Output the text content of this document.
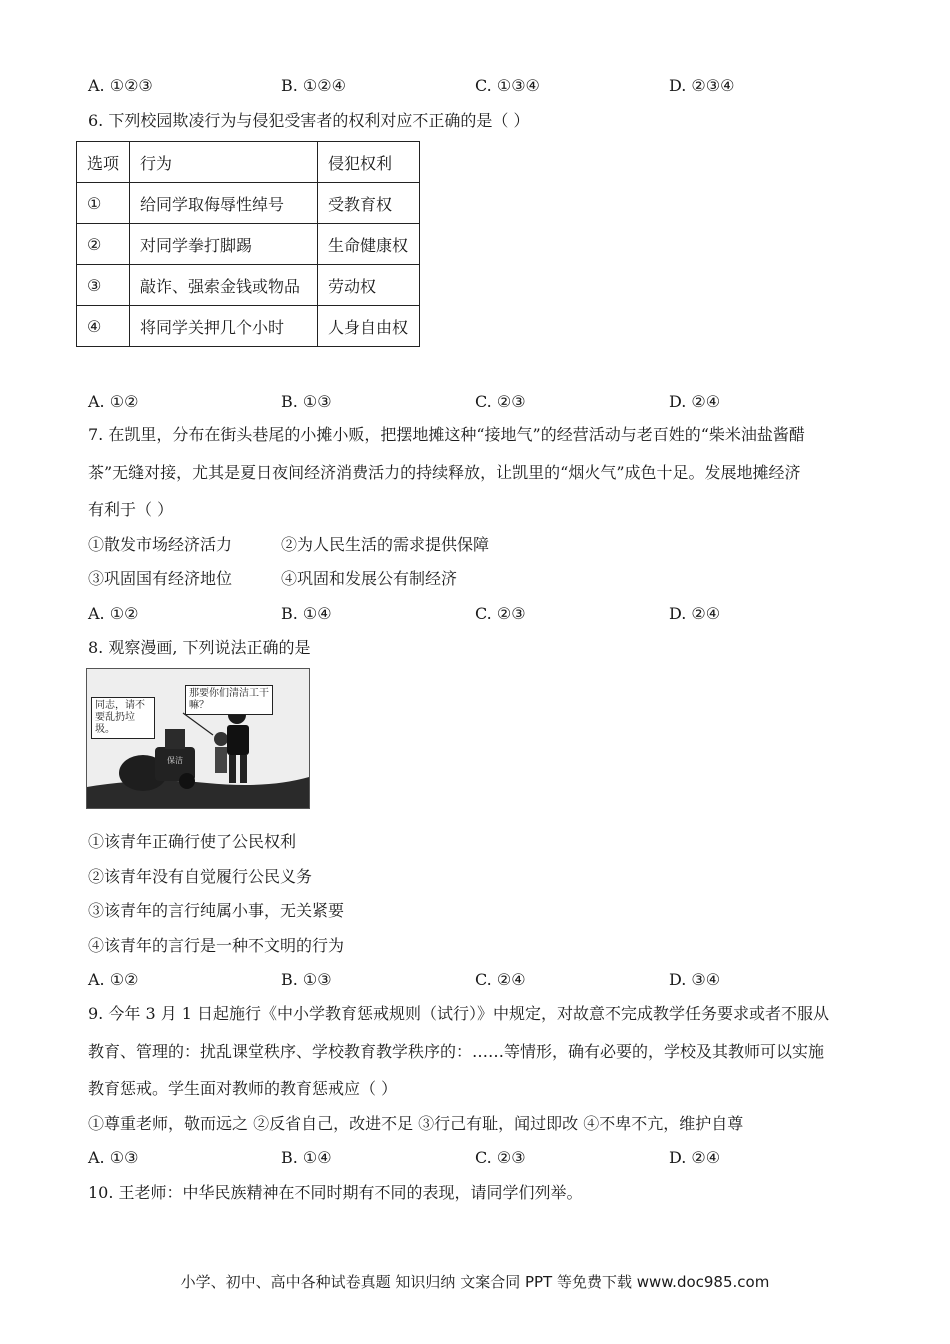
A. ①②③	B. ①②④	C. ①③④	D. ②③④
6. 下列校园欺凌行为与侵犯受害者的权利对应不正确的是（ ）
选项	行为	侵犯权利
①	给同学取侮辱性绰号	受教育权
②	对同学拳打脚踢	生命健康权
③	敲诈、强索金钱或物品	劳动权
④	将同学关押几个小时	人身自由权
A. ①②	B. ①③	C. ②③	D. ②④
7. 在凯里，分布在街头巷尾的小摊小贩，把摆地摊这种“接地气”的经营活动与老百姓的“柴米油盐酱醋
茶”无缝对接，尤其是夏日夜间经济消费活力的持续释放，让凯里的“烟火气”成色十足。发展地摊经济
有利于（ ）
①散发市场经济活力	②为人民生活的需求提供保障
③巩固国有经济地位	④巩固和发展公有制经济
A. ①②	B. ①④	C. ②③	D. ②④
8. 观察漫画, 下列说法正确的是
同志，请不要乱扔垃圾。
那要你们清洁工干嘛？
保洁
①该青年正确行使了公民权利
②该青年没有自觉履行公民义务
③该青年的言行纯属小事，无关紧要
④该青年的言行是一种不文明的行为
A. ①②	B. ①③	C. ②④	D. ③④
9. 今年 3 月 1 日起施行《中小学教育惩戒规则（试行）》中规定，对故意不完成教学任务要求或者不服从
教育、管理的：扰乱课堂秩序、学校教育教学秩序的：……等情形，确有必要的，学校及其教师可以实施
教育惩戒。学生面对教师的教育惩戒应（ ）
①尊重老师，敬而远之 ②反省自己，改进不足 ③行己有耻，闻过即改 ④不卑不亢，维护自尊
A. ①③	B. ①④	C. ②③	D. ②④
10. 王老师：中华民族精神在不同时期有不同的表现，请同学们列举。
小学、初中、高中各种试卷真题 知识归纳 文案合同 PPT 等免费下载 www.doc985.com
